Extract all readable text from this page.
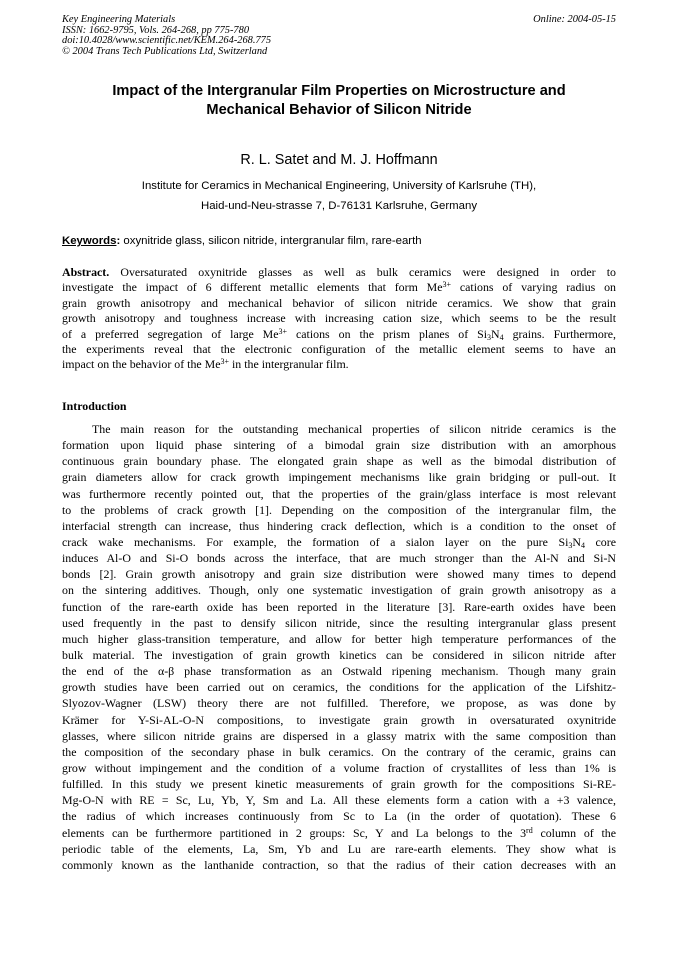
Key Engineering Materials
ISSN: 1662-9795, Vols. 264-268, pp 775-780
doi:10.4028/www.scientific.net/KEM.264-268.775
© 2004 Trans Tech Publications Ltd, Switzerland
Online: 2004-05-15
Impact of the Intergranular Film Properties on Microstructure and
Mechanical Behavior of Silicon Nitride
R. L. Satet and M. J. Hoffmann
Institute for Ceramics in Mechanical Engineering, University of Karlsruhe (TH),
Haid-und-Neu-strasse 7, D-76131 Karlsruhe, Germany
Keywords: oxynitride glass, silicon nitride, intergranular film, rare-earth
Abstract. Oversaturated oxynitride glasses as well as bulk ceramics were designed in order to
investigate the impact of 6 different metallic elements that form $Me^{3+}$ cations of varying radius on
grain growth anisotropy and mechanical behavior of silicon nitride ceramics. We show that grain
growth anisotropy and toughness increase with increasing cation size, which seems to be the result
of a preferred segregation of large $Me^{3+}$ cations on the prism planes of $Si_3N_4$ grains. Furthermore,
the experiments reveal that the electronic configuration of the metallic element seems to have an
impact on the behavior of the $Me^{3+}$ in the intergranular film.
Introduction
The main reason for the outstanding mechanical properties of silicon nitride ceramics is the
formation upon liquid phase sintering of a bimodal grain size distribution with an amorphous
continuous grain boundary phase. The elongated grain shape as well as the bimodal distribution of
grain diameters allow for crack growth impingement mechanisms like grain bridging or pull-out. It
was furthermore recently pointed out, that the properties of the grain/glass interface is most relevant
to the problems of crack growth [1]. Depending on the composition of the intergranular film, the
interfacial strength can increase, thus hindering crack deflection, which is a condition to the onset of
crack wake mechanisms. For example, the formation of a sialon layer on the pure $Si_3N_4$ core
induces Al-O and Si-O bonds across the interface, that are much stronger than the Al-N and Si-N
bonds [2]. Grain growth anisotropy and grain size distribution were showed many times to depend
on the sintering additives. Though, only one systematic investigation of grain growth anisotropy as a
function of the rare-earth oxide has been reported in the literature [3]. Rare-earth oxides have been
used frequently in the past to densify silicon nitride, since the resulting intergranular glass present
much higher glass-transition temperature, and allow for better high temperature performances of the
bulk material. The investigation of grain growth kinetics can be considered in silicon nitride after
the end of the α-β phase transformation as an Ostwald ripening mechanism. Though many grain
growth studies have been carried out on ceramics, the conditions for the application of the Lifshitz-
Slyozov-Wagner (LSW) theory there are not fulfilled. Therefore, we propose, as was done by
Krämer for Y-Si-AL-O-N compositions, to investigate grain growth in oversaturated oxynitride
glasses, where silicon nitride grains are dispersed in a glassy matrix with the same composition than
the composition of the secondary phase in bulk ceramics. On the contrary of the ceramic, grains can
grow without impingement and the condition of a volume fraction of crystallites of less than 1% is
fulfilled. In this study we present kinetic measurements of grain growth for the compositions Si-RE-
Mg-O-N with RE = Sc, Lu, Yb, Y, Sm and La. All these elements form a cation with a +3 valence,
the radius of which increases continuously from Sc to La (in the order of quotation). These 6
elements can be furthermore partitioned in 2 groups: Sc, Y and La belongs to the 3rd column of the
periodic table of the elements, La, Sm, Yb and Lu are rare-earth elements. They show what is
commonly known as the lanthanide contraction, so that the radius of their cation decreases with an
